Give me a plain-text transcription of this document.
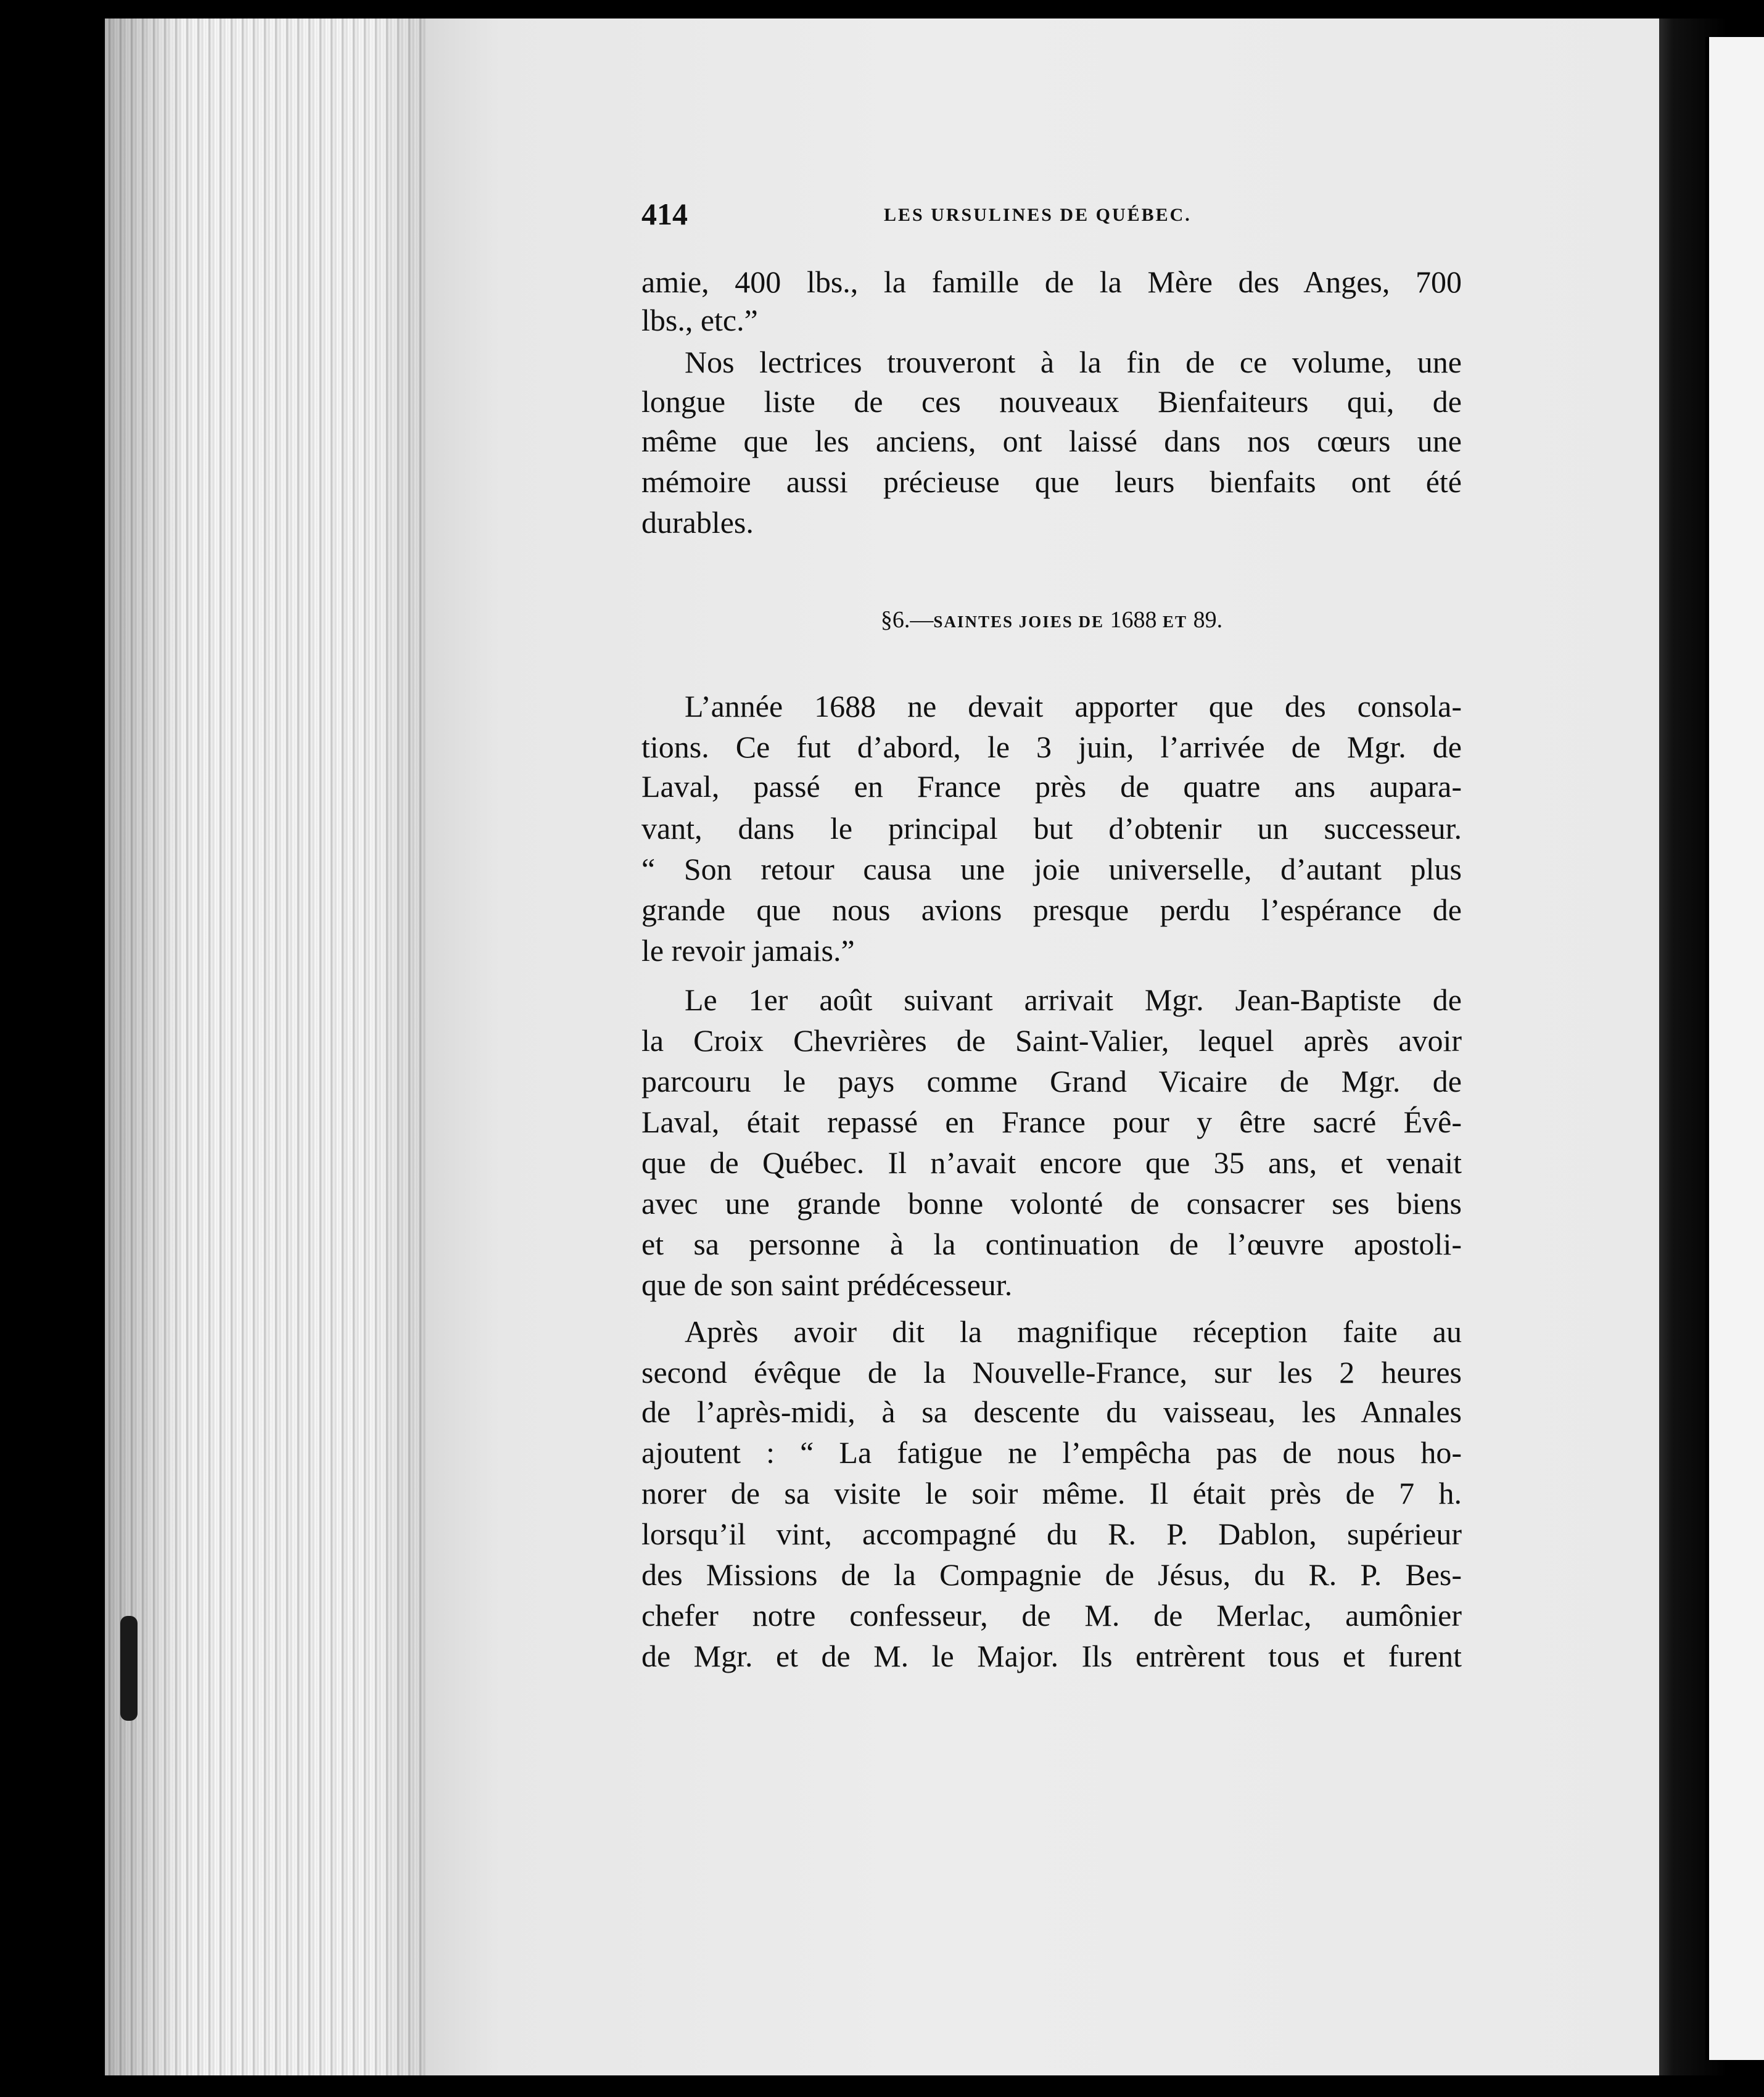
414	LES URSULINES DE QUÉBEC.
amie, 400 lbs., la famille de la Mère des Anges, 700
lbs., etc.”
Nos lectrices trouveront à la fin de ce volume, une
longue liste de ces nouveaux Bienfaiteurs qui, de
même que les anciens, ont laissé dans nos cœurs une
mémoire aussi précieuse que leurs bienfaits ont été
durables.
§6.—SAINTES JOIES DE 1688 ET 89.
L’année 1688 ne devait apporter que des consola-
tions. Ce fut d’abord, le 3 juin, l’arrivée de Mgr. de
Laval, passé en France près de quatre ans aupara-
vant, dans le principal but d’obtenir un successeur.
“ Son retour causa une joie universelle, d’autant plus
grande que nous avions presque perdu l’espérance de
le revoir jamais.”
Le 1er août suivant arrivait Mgr. Jean-Baptiste de
la Croix Chevrières de Saint-Valier, lequel après avoir
parcouru le pays comme Grand Vicaire de Mgr. de
Laval, était repassé en France pour y être sacré Évê-
que de Québec. Il n’avait encore que 35 ans, et venait
avec une grande bonne volonté de consacrer ses biens
et sa personne à la continuation de l’œuvre apostoli-
que de son saint prédécesseur.
Après avoir dit la magnifique réception faite au
second évêque de la Nouvelle-France, sur les 2 heures
de l’après-midi, à sa descente du vaisseau, les Annales
ajoutent : “ La fatigue ne l’empêcha pas de nous ho-
norer de sa visite le soir même. Il était près de 7 h.
lorsqu’il vint, accompagné du R. P. Dablon, supérieur
des Missions de la Compagnie de Jésus, du R. P. Bes-
chefer notre confesseur, de M. de Merlac, aumônier
de Mgr. et de M. le Major. Ils entrèrent tous et furent
